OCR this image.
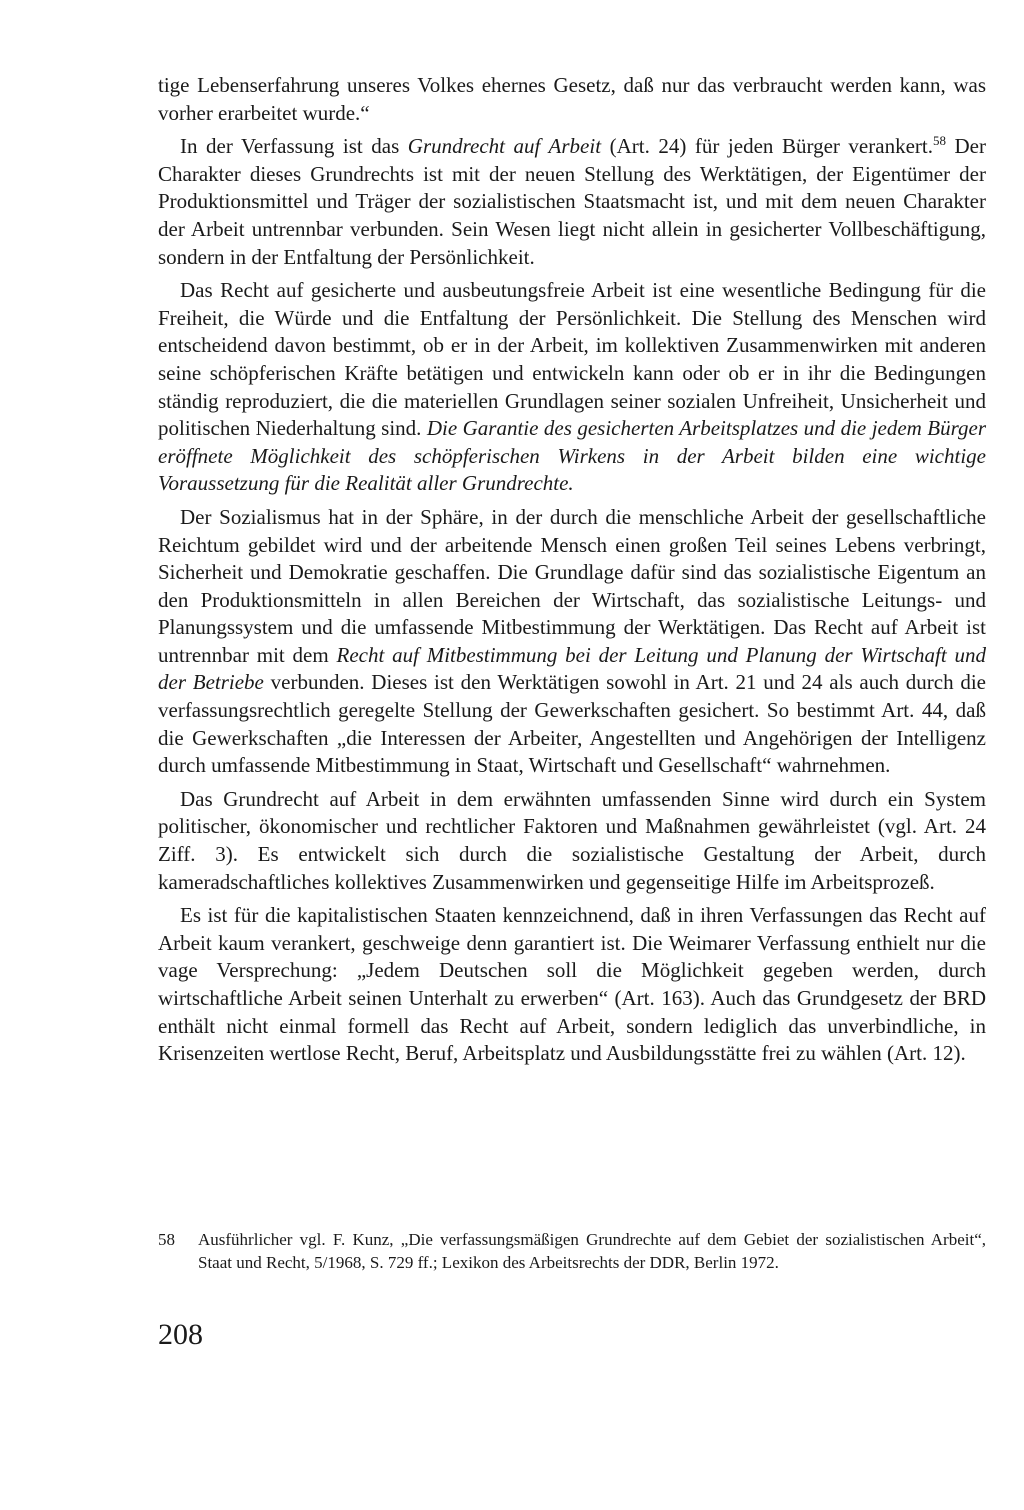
tige Lebenserfahrung unseres Volkes ehernes Gesetz, daß nur das verbraucht werden kann, was vorher erarbeitet wurde.“

In der Verfassung ist das Grundrecht auf Arbeit (Art. 24) für jeden Bürger verankert.$^{58}$ Der Charakter dieses Grundrechts ist mit der neuen Stellung des Werktätigen, der Eigentümer der Produktionsmittel und Träger der sozialistischen Staatsmacht ist, und mit dem neuen Charakter der Arbeit untrennbar verbunden. Sein Wesen liegt nicht allein in gesicherter Vollbeschäftigung, sondern in der Entfaltung der Persönlichkeit.

Das Recht auf gesicherte und ausbeutungsfreie Arbeit ist eine wesentliche Bedingung für die Freiheit, die Würde und die Entfaltung der Persönlichkeit. Die Stellung des Menschen wird entscheidend davon bestimmt, ob er in der Arbeit, im kollektiven Zusammenwirken mit anderen seine schöpferischen Kräfte betätigen und entwickeln kann oder ob er in ihr die Bedingungen ständig reproduziert, die die materiellen Grundlagen seiner sozialen Unfreiheit, Unsicherheit und politischen Niederhaltung sind. Die Garantie des gesicherten Arbeitsplatzes und die jedem Bürger eröffnete Möglichkeit des schöpferischen Wirkens in der Arbeit bilden eine wichtige Voraussetzung für die Realität aller Grundrechte.

Der Sozialismus hat in der Sphäre, in der durch die menschliche Arbeit der gesellschaftliche Reichtum gebildet wird und der arbeitende Mensch einen großen Teil seines Lebens verbringt, Sicherheit und Demokratie geschaffen. Die Grundlage dafür sind das sozialistische Eigentum an den Produktionsmitteln in allen Bereichen der Wirtschaft, das sozialistische Leitungs- und Planungssystem und die umfassende Mitbestimmung der Werktätigen. Das Recht auf Arbeit ist untrennbar mit dem Recht auf Mitbestimmung bei der Leitung und Planung der Wirtschaft und der Betriebe verbunden. Dieses ist den Werktätigen sowohl in Art. 21 und 24 als auch durch die verfassungsrechtlich geregelte Stellung der Gewerkschaften gesichert. So bestimmt Art. 44, daß die Gewerkschaften „die Interessen der Arbeiter, Angestellten und Angehörigen der Intelligenz durch umfassende Mitbestimmung in Staat, Wirtschaft und Gesellschaft“ wahrnehmen.

Das Grundrecht auf Arbeit in dem erwähnten umfassenden Sinne wird durch ein System politischer, ökonomischer und rechtlicher Faktoren und Maßnahmen gewährleistet (vgl. Art. 24 Ziff. 3). Es entwickelt sich durch die sozialistische Gestaltung der Arbeit, durch kameradschaftliches kollektives Zusammenwirken und gegenseitige Hilfe im Arbeitsprozeß.

Es ist für die kapitalistischen Staaten kennzeichnend, daß in ihren Verfassungen das Recht auf Arbeit kaum verankert, geschweige denn garantiert ist. Die Weimarer Verfassung enthielt nur die vage Versprechung: „Jedem Deutschen soll die Möglichkeit gegeben werden, durch wirtschaftliche Arbeit seinen Unterhalt zu erwerben“ (Art. 163). Auch das Grundgesetz der BRD enthält nicht einmal formell das Recht auf Arbeit, sondern lediglich das unverbindliche, in Krisenzeiten wertlose Recht, Beruf, Arbeitsplatz und Ausbildungsstätte frei zu wählen (Art. 12).

58 Ausführlicher vgl. F. Kunz, „Die verfassungsmäßigen Grundrechte auf dem Gebiet der sozialistischen Arbeit“, Staat und Recht, 5/1968, S. 729 ff.; Lexikon des Arbeitsrechts der DDR, Berlin 1972.
208
